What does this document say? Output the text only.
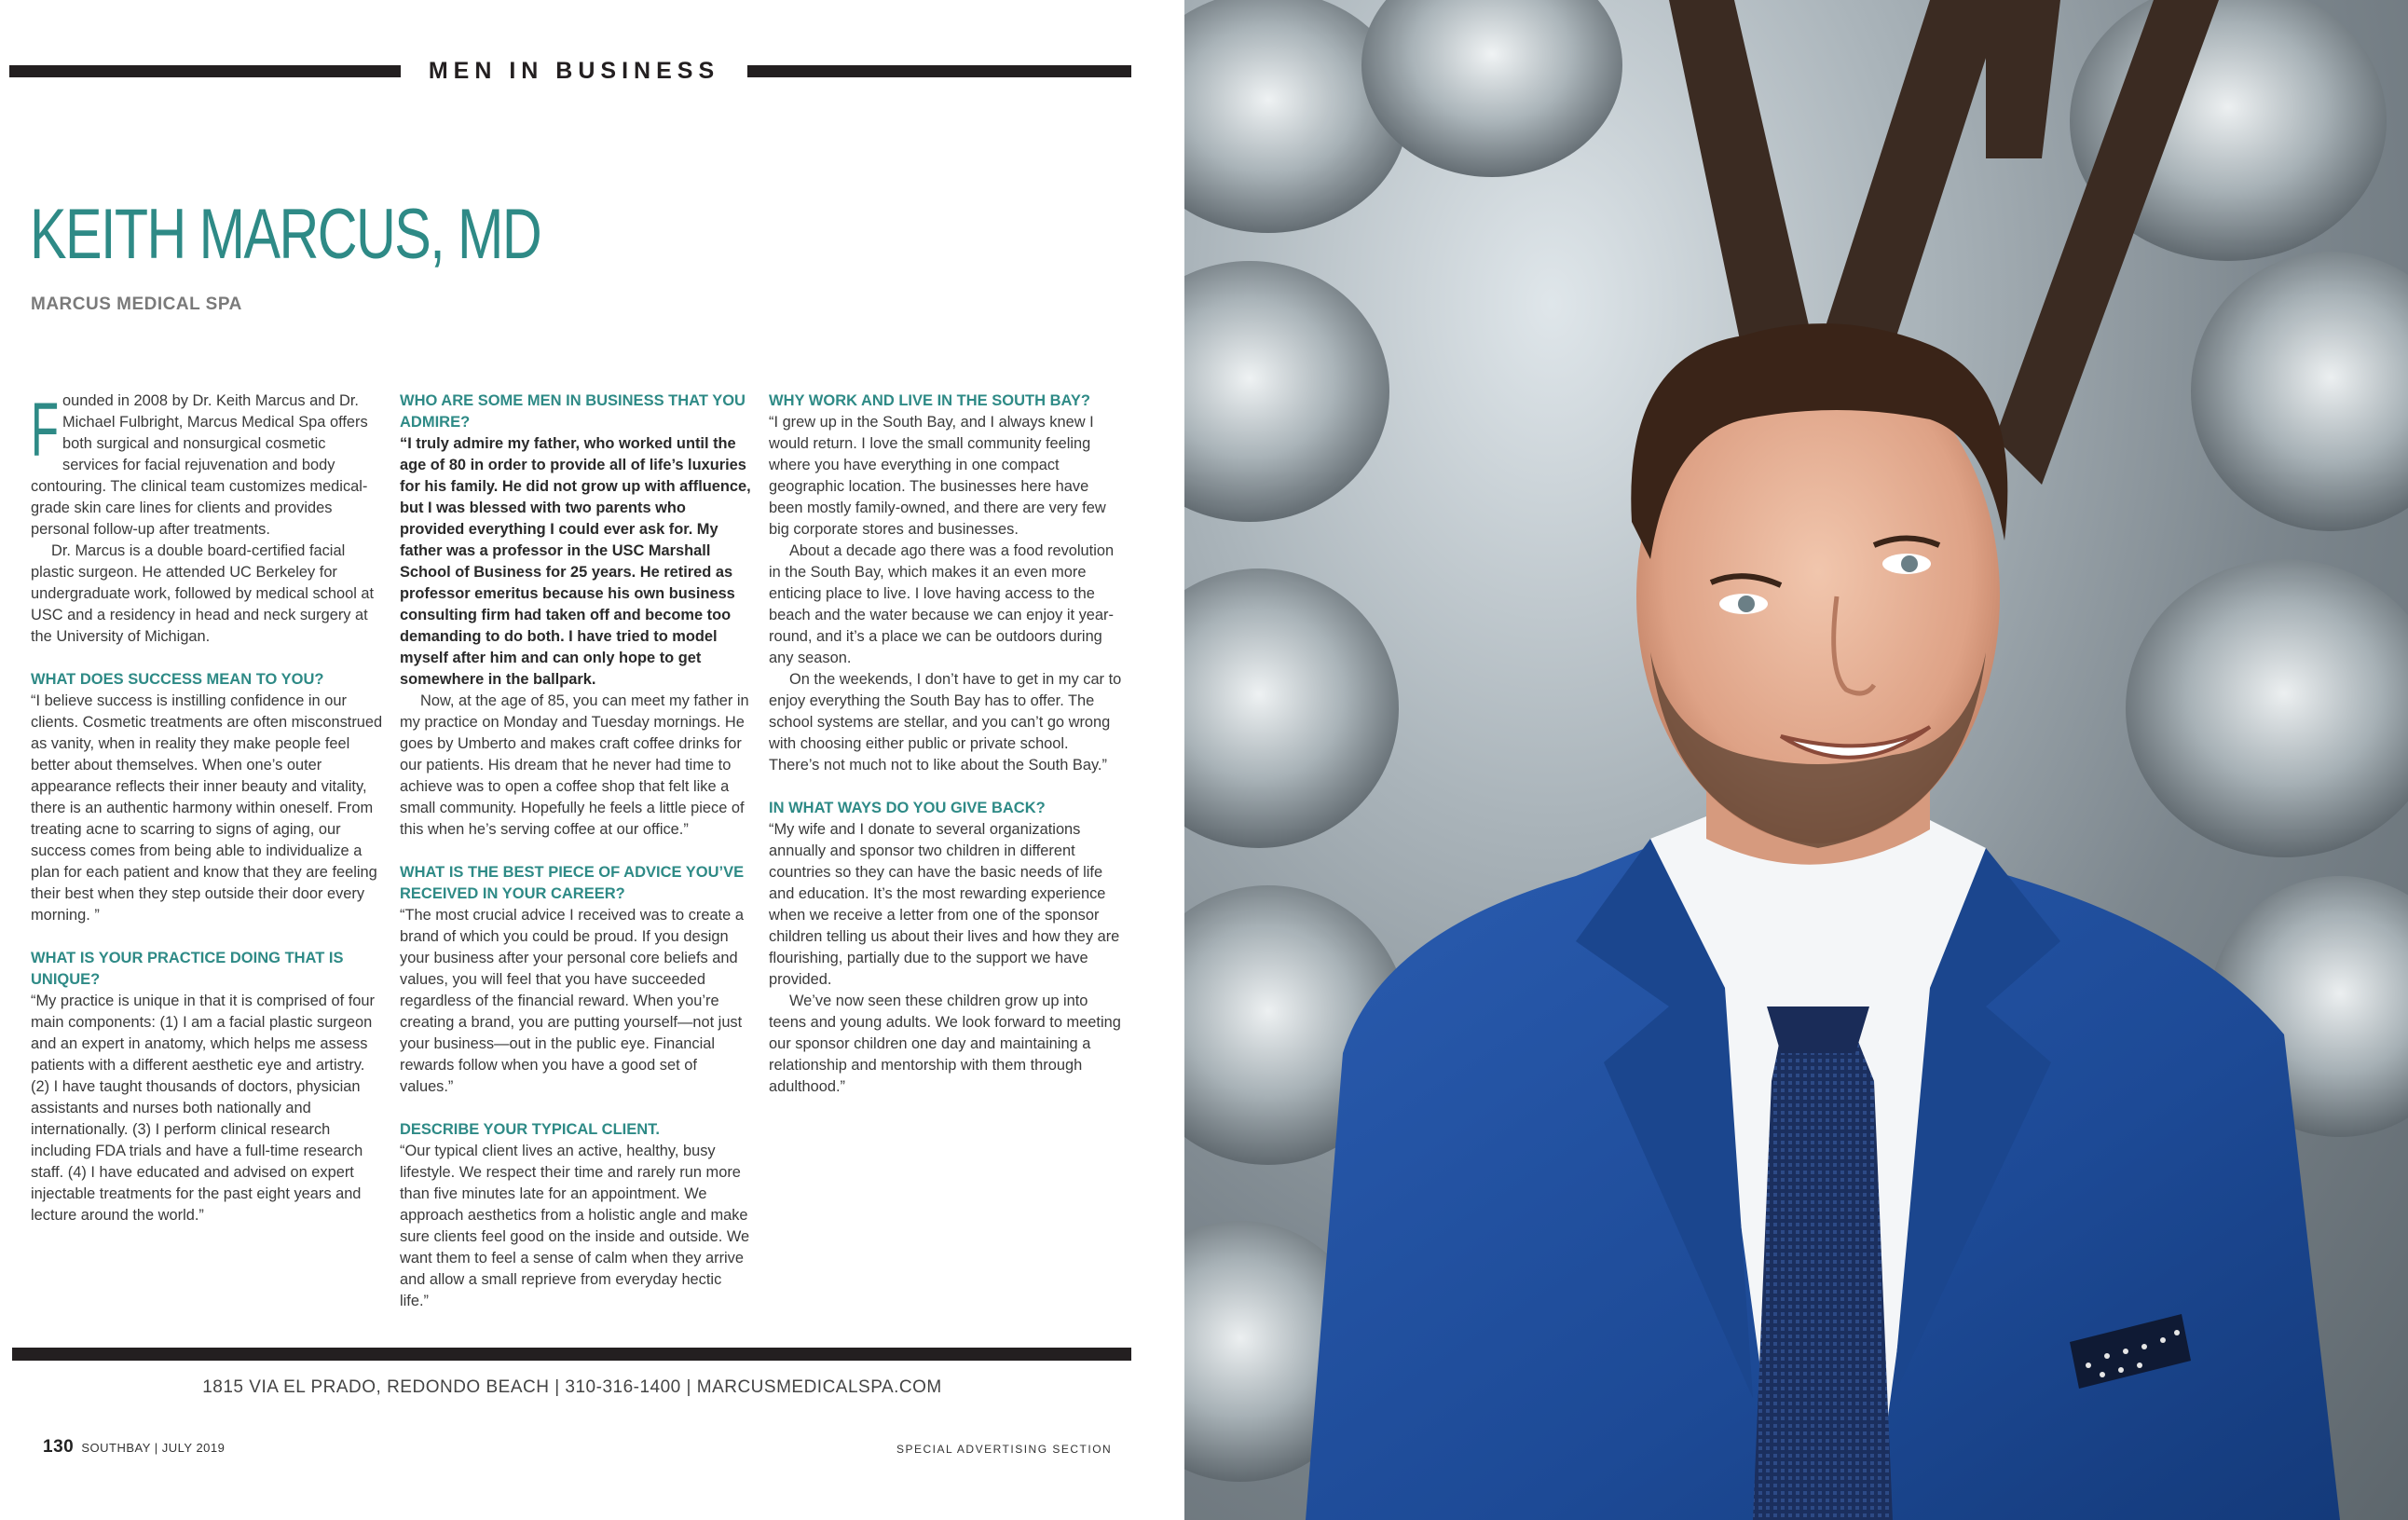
MEN IN BUSINESS
KEITH MARCUS, MD
MARCUS MEDICAL SPA

Founded in 2008 by Dr. Keith Marcus and Dr. Michael Fulbright, Marcus Medical Spa offers both surgical and nonsurgical cosmetic services for facial rejuvenation and body contouring. The clinical team customizes medical-grade skin care lines for clients and provides personal follow-up after treatments.

Dr. Marcus is a double board-certified facial plastic surgeon. He attended UC Berkeley for undergraduate work, followed by medical school at USC and a residency in head and neck surgery at the University of Michigan.

WHAT DOES SUCCESS MEAN TO YOU?

“I believe success is instilling confidence in our clients. Cosmetic treatments are often misconstrued as vanity, when in reality they make people feel better about themselves. When one’s outer appearance reflects their inner beauty and vitality, there is an authentic harmony within oneself. From treating acne to scarring to signs of aging, our success comes from being able to individualize a plan for each patient and know that they are feeling their best when they step outside their door every morning. ”

WHAT IS YOUR PRACTICE DOING THAT IS UNIQUE?

“My practice is unique in that it is comprised of four main components: (1) I am a facial plastic surgeon and an expert in anatomy, which helps me assess patients with a different aesthetic eye and artistry. (2) I have taught thousands of doctors, physician assistants and nurses both nationally and internationally. (3) I perform clinical research including FDA trials and have a full-time research staff. (4) I have educated and advised on expert injectable treatments for the past eight years and lecture around the world.”

WHO ARE SOME MEN IN BUSINESS THAT YOU ADMIRE?

“I truly admire my father, who worked until the age of 80 in order to provide all of life’s luxuries for his family. He did not grow up with affluence, but I was blessed with two parents who provided everything I could ever ask for. My father was a professor in the USC Marshall School of Business for 25 years. He retired as professor emeritus because his own business consulting firm had taken off and become too demanding to do both. I have tried to model myself after him and can only hope to get somewhere in the ballpark.

Now, at the age of 85, you can meet my father in my practice on Monday and Tuesday mornings. He goes by Umberto and makes craft coffee drinks for our patients. His dream that he never had time to achieve was to open a coffee shop that felt like a small community. Hopefully he feels a little piece of this when he’s serving coffee at our office.”

WHAT IS THE BEST PIECE OF ADVICE YOU’VE RECEIVED IN YOUR CAREER?

“The most crucial advice I received was to create a brand of which you could be proud. If you design your business after your personal core beliefs and values, you will feel that you have succeeded regardless of the financial reward. When you’re creating a brand, you are putting yourself—not just your business—out in the public eye. Financial rewards follow when you have a good set of values.”

DESCRIBE YOUR TYPICAL CLIENT.

“Our typical client lives an active, healthy, busy lifestyle. We respect their time and rarely run more than five minutes late for an appointment. We approach aesthetics from a holistic angle and make sure clients feel good on the inside and outside. We want them to feel a sense of calm when they arrive and allow a small reprieve from everyday hectic life.”

WHY WORK AND LIVE IN THE SOUTH BAY?

“I grew up in the South Bay, and I always knew I would return. I love the small community feeling where you have everything in one compact geographic location. The businesses here have been mostly family-owned, and there are very few big corporate stores and businesses.

About a decade ago there was a food revolution in the South Bay, which makes it an even more enticing place to live. I love having access to the beach and the water because we can enjoy it year-round, and it’s a place we can be outdoors during any season.

On the weekends, I don’t have to get in my car to enjoy everything the South Bay has to offer. The school systems are stellar, and you can’t go wrong with choosing either public or private school. There’s not much not to like about the South Bay.”

IN WHAT WAYS DO YOU GIVE BACK?

“My wife and I donate to several organizations annually and sponsor two children in different countries so they can have the basic needs of life and education. It’s the most rewarding experience when we receive a letter from one of the sponsor children telling us about their lives and how they are flourishing, partially due to the support we have provided.

We’ve now seen these children grow up into teens and young adults. We look forward to meeting our sponsor children one day and maintaining a relationship and mentorship with them through adulthood.”

1815 VIA EL PRADO, REDONDO BEACH | 310-316-1400 | MARCUSMEDICALSPA.COM
130 SOUTHBAY | JULY 2019	SPECIAL ADVERTISING SECTION
